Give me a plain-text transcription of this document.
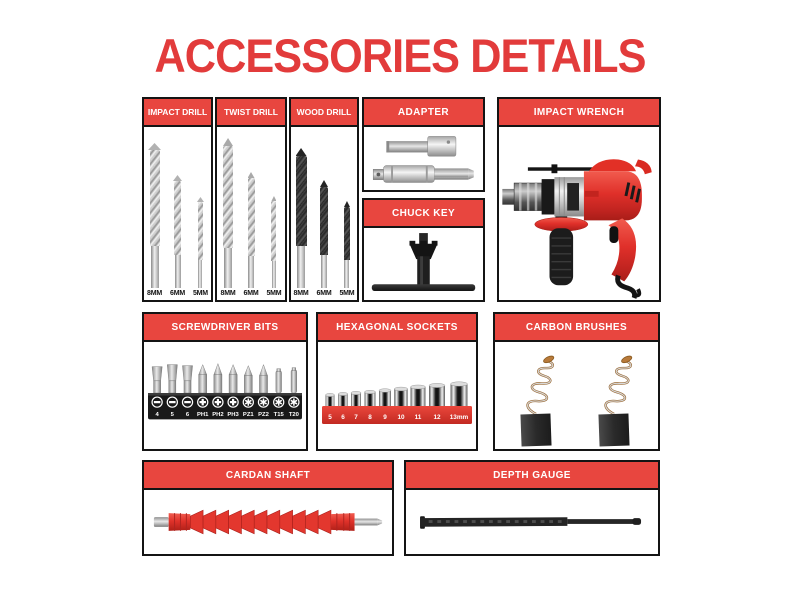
ACCESSORIES DETAILS
IMPACT DRILL
8MM 6MM 5MM
TWIST DRILL
8MM 6MM 5MM
WOOD DRILL
8MM 6MM 5MM
ADAPTER
CHUCK KEY
IMPACT WRENCH
SCREWDRIVER BITS
4 5 6 PH1 PH2 PH3 PZ1 PZ2 T15 T20
HEXAGONAL SOCKETS
5 6 7 8 9 10 11 12 13mm
CARBON BRUSHES
CARDAN SHAFT	DEPTH GAUGE
